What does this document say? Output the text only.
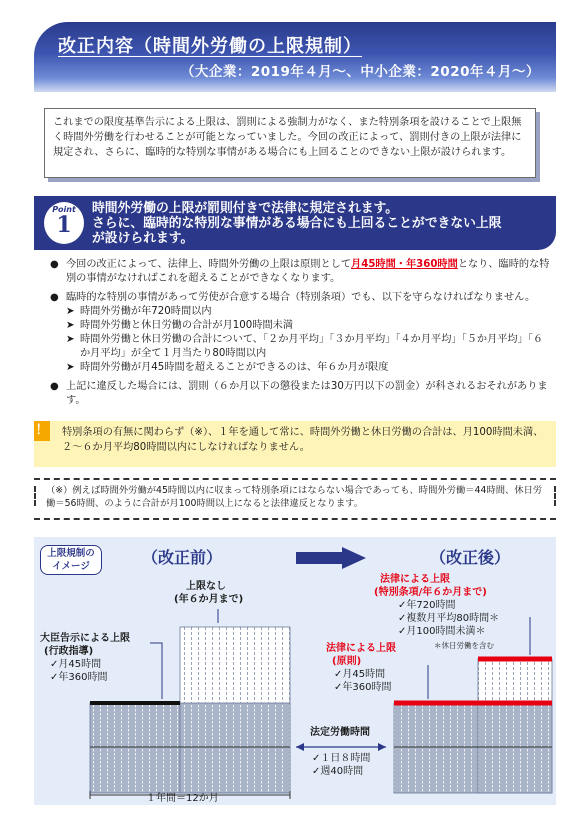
改正内容（時間外労働の上限規制）
（大企業：2019年４月～、中小企業：2020年４月～）
これまでの限度基準告示による上限は、罰則による強制力がなく、また特別条項を設けることで上限無く時間外労働を行わせることが可能となっていました。今回の改正によって、罰則付きの上限が法律に規定され、さらに、臨時的な特別な事情がある場合にも上回ることのできない上限が設けられます。
Point
1
時間外労働の上限が罰則付きで法律に規定されます。
さらに、臨時的な特別な事情がある場合にも上回ることができない上限
が設けられます。
● 今回の改正によって、法律上、時間外労働の上限は原則として月45時間・年360時間となり、臨時的な特別の事情がなければこれを超えることができなくなります。
● 臨時的な特別の事情があって労使が合意する場合（特別条項）でも、以下を守らなければなりません。
➤ 時間外労働が年720時間以内
➤ 時間外労働と休日労働の合計が月100時間未満
➤ 時間外労働と休日労働の合計について、「２か月平均」「３か月平均」「４か月平均」「５か月平均」「６か月平均」が全て１月当たり80時間以内
➤ 時間外労働が月45時間を超えることができるのは、年６か月が限度
● 上記に違反した場合には、罰則（６か月以下の懲役または30万円以下の罰金）が科されるおそれがあります。
！ 特別条項の有無に関わらず（※）、１年を通して常に、時間外労働と休日労働の合計は、月100時間未満、２～６か月平均80時間以内にしなければなりません。
（※）例えば時間外労働が45時間以内に収まって特別条項にはならない場合であっても、時間外労働＝44時間、休日労働＝56時間、のように合計が月100時間以上になると法律違反となります。
上限規制の
イメージ	（改正前）	（改正後）
上限なし
(年６か月まで)
大臣告示による上限
(行政指導)
✓月45時間
✓年360時間
法律による上限
(特別条項/年６か月まで)
✓年720時間
✓複数月平均80時間＊
✓月100時間未満＊
＊休日労働を含む
法律による上限
(原則)
✓月45時間
✓年360時間
法定労働時間
✓１日８時間
✓週40時間
１年間＝12か月
